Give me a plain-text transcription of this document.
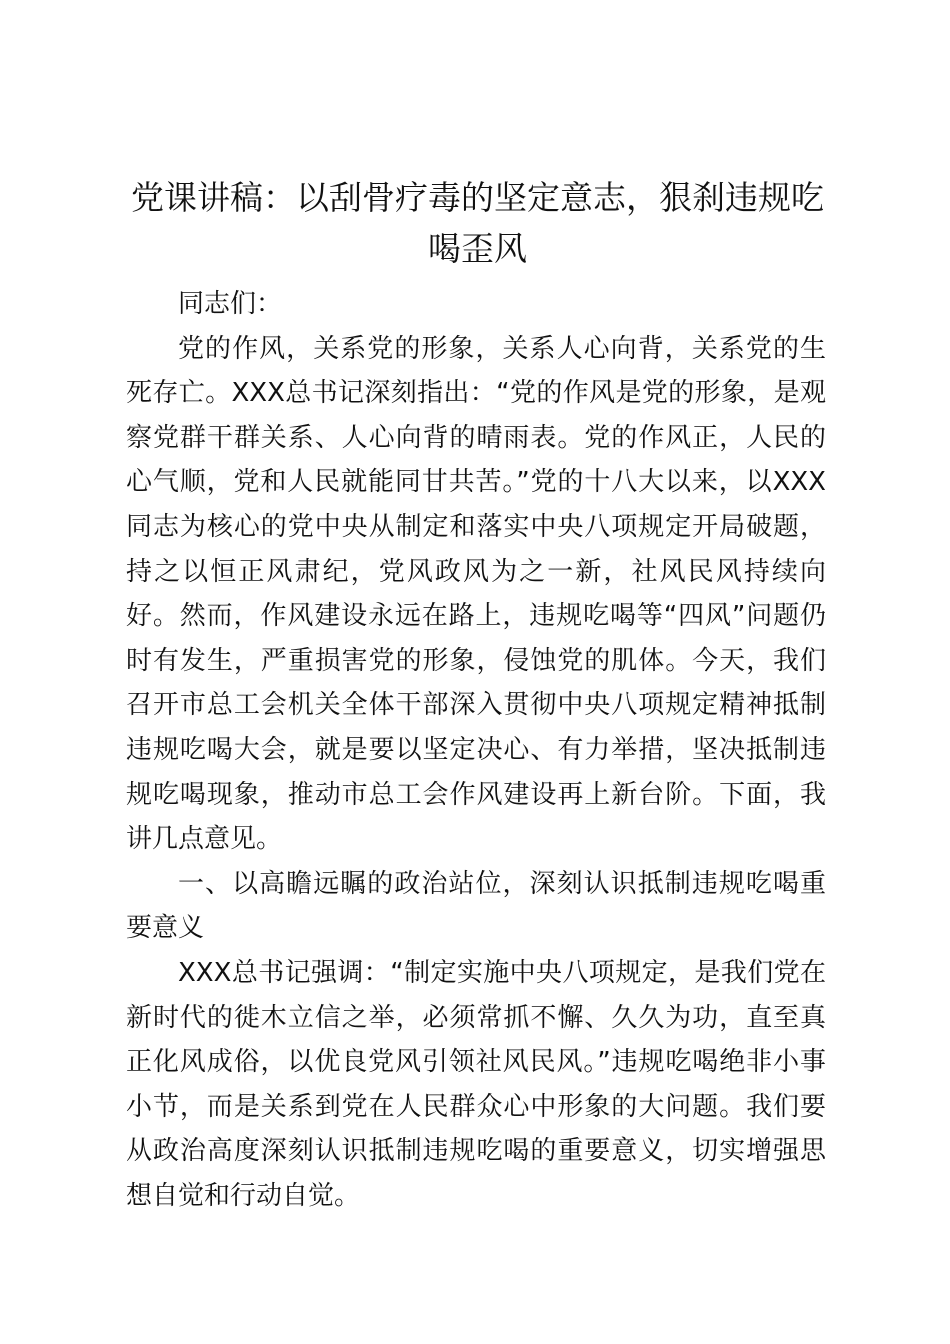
党课讲稿：以刮骨疗毒的坚定意志，狠刹违规吃喝歪风

同志们：

党的作风，关系党的形象，关系人心向背，关系党的生死存亡。XXX总书记深刻指出：“党的作风是党的形象，是观察党群干群关系、人心向背的晴雨表。党的作风正，人民的心气顺，党和人民就能同甘共苦。”党的十八大以来，以XXX同志为核心的党中央从制定和落实中央八项规定开局破题，持之以恒正风肃纪，党风政风为之一新，社风民风持续向好。然而，作风建设永远在路上，违规吃喝等“四风”问题仍时有发生，严重损害党的形象，侵蚀党的肌体。今天，我们召开市总工会机关全体干部深入贯彻中央八项规定精神抵制违规吃喝大会，就是要以坚定决心、有力举措，坚决抵制违规吃喝现象，推动市总工会作风建设再上新台阶。下面，我讲几点意见。

一、以高瞻远瞩的政治站位，深刻认识抵制违规吃喝重要意义

XXX总书记强调：“制定实施中央八项规定，是我们党在新时代的徙木立信之举，必须常抓不懈、久久为功，直至真正化风成俗，以优良党风引领社风民风。”违规吃喝绝非小事小节，而是关系到党在人民群众心中形象的大问题。我们要从政治高度深刻认识抵制违规吃喝的重要意义，切实增强思想自觉和行动自觉。
